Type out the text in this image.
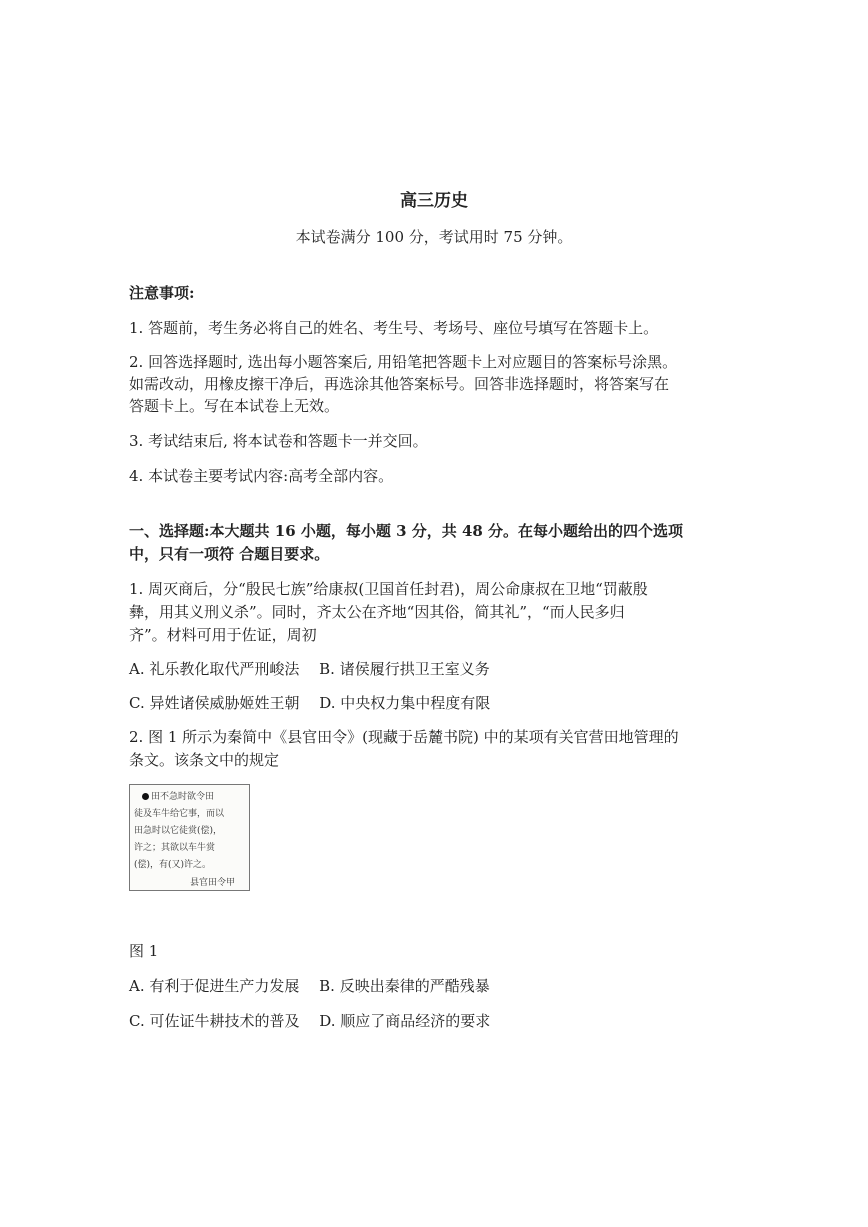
高三历史
本试卷满分 100 分，考试用时 75 分钟。
注意事项:
1. 答题前，考生务必将自己的姓名、考生号、考场号、座位号填写在答题卡上。
2. 回答选择题时, 选出每小题答案后, 用铅笔把答题卡上对应题目的答案标号涂黑。
如需改动，用橡皮擦干净后，再选涂其他答案标号。回答非选择题时，将答案写在
答题卡上。写在本试卷上无效。
3. 考试结束后, 将本试卷和答题卡一并交回。
4. 本试卷主要考试内容:高考全部内容。
一、选择题:本大题共 16 小题，每小题 3 分，共 48 分。在每小题给出的四个选项
中，只有一项符 合题目要求。
1. 周灭商后，分“殷民七族”给康叔(卫国首任封君)，周公命康叔在卫地“罚蔽殷
彝，用其义刑义杀”。同时，齐太公在齐地“因其俗，简其礼”，“而人民多归
齐”。材料可用于佐证，周初
A. 礼乐教化取代严刑峻法　 B. 诸侯履行拱卫王室义务
C. 异姓诸侯威胁姬姓王朝　 D. 中央权力集中程度有限
2. 图 1 所示为秦简中《县官田令》(现藏于岳麓书院) 中的某项有关官营田地管理的
条文。该条文中的规定
田不急时欲令田
徒及车牛给它事，而以
田急时以它徒赏(偿)，
许之；其欲以车牛赏
(偿)，有(又)许之。
县官田令甲
图 1
A. 有利于促进生产力发展　 B. 反映出秦律的严酷残暴
C. 可佐证牛耕技术的普及　 D. 顺应了商品经济的要求
